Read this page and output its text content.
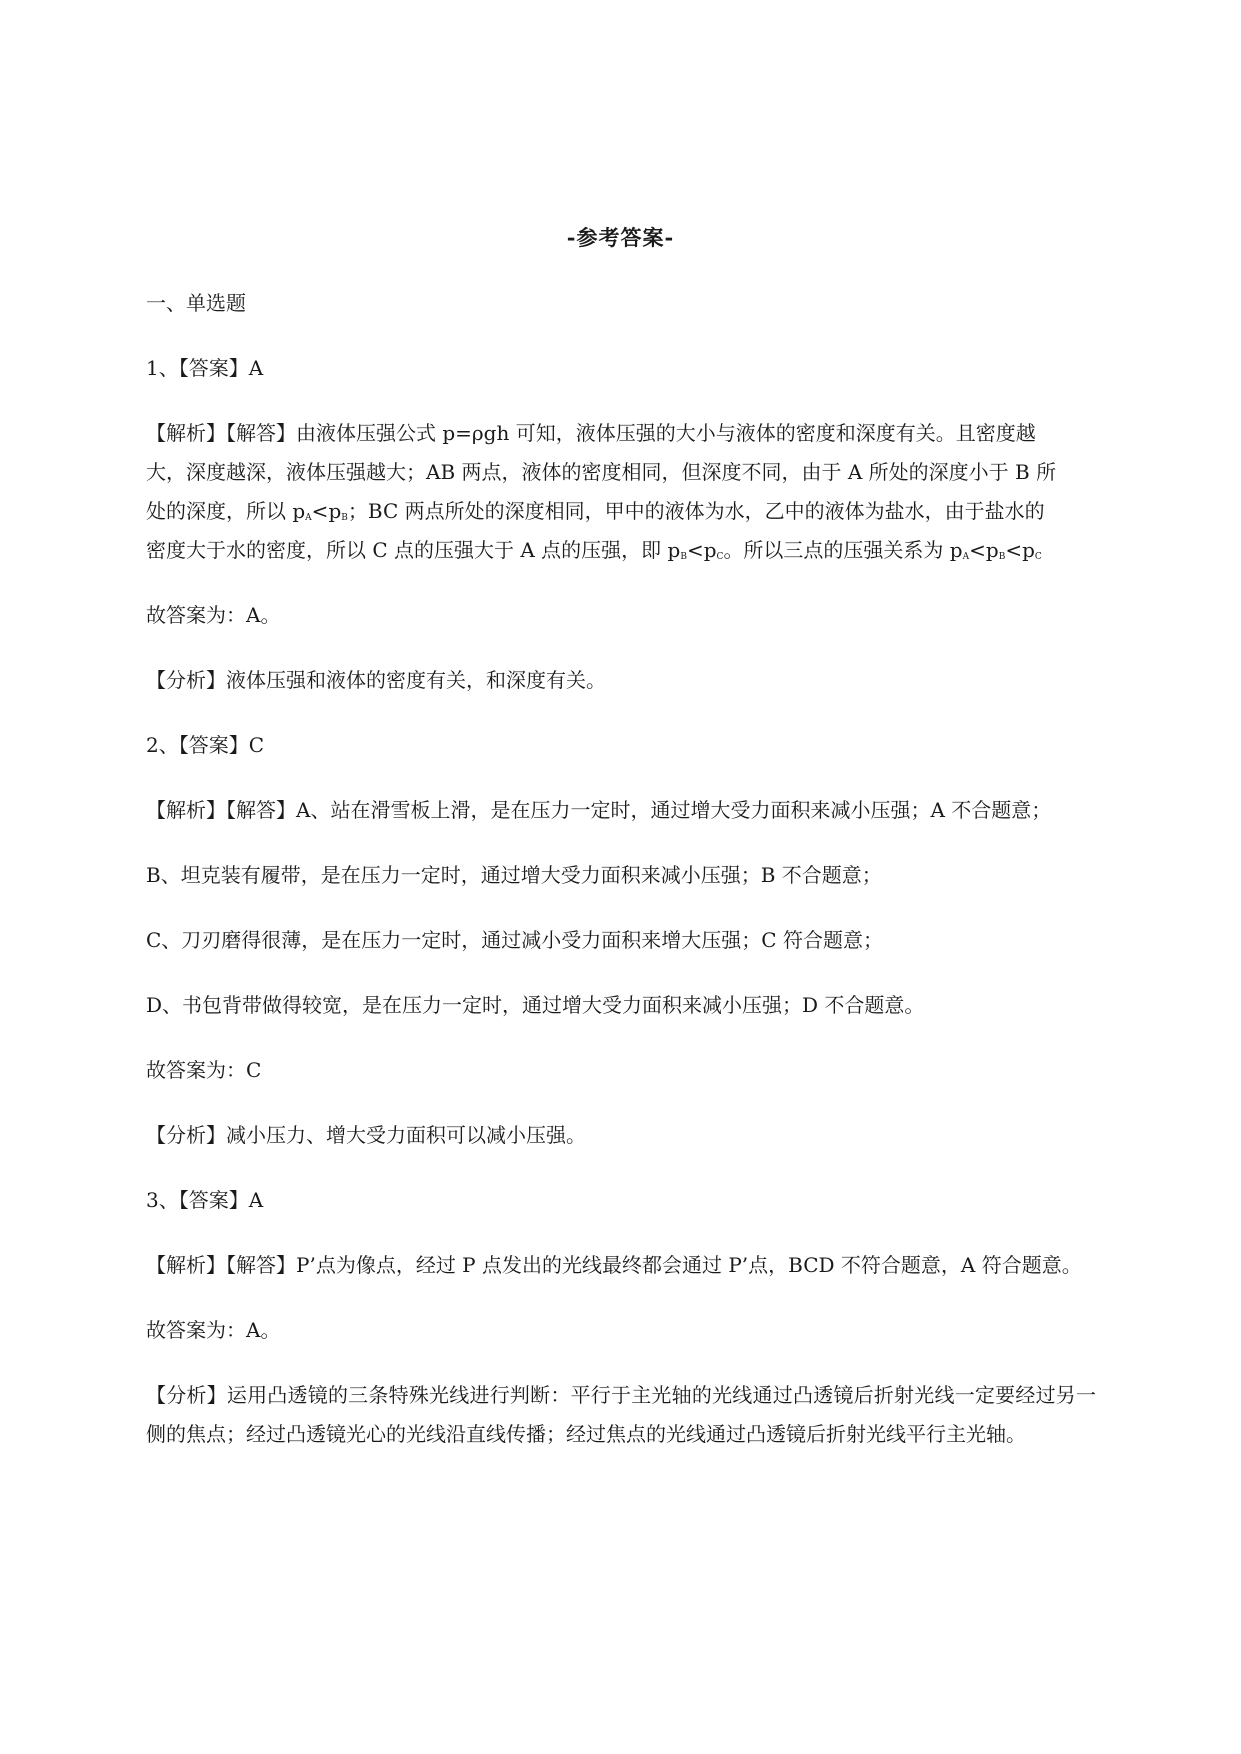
-参考答案-
一、单选题
1、【答案】A
【解析】【解答】由液体压强公式 p=ρgh 可知，液体压强的大小与液体的密度和深度有关。且密度越
大，深度越深，液体压强越大；AB 两点，液体的密度相同，但深度不同，由于 A 所处的深度小于 B 所
处的深度，所以 $p_A<p_B$；BC 两点所处的深度相同，甲中的液体为水，乙中的液体为盐水，由于盐水的
密度大于水的密度，所以 C 点的压强大于 A 点的压强，即 $p_B<p_C$。所以三点的压强关系为 $p_A<p_B<p_C$
故答案为：A。
【分析】液体压强和液体的密度有关，和深度有关。
2、【答案】C
【解析】【解答】A、站在滑雪板上滑，是在压力一定时，通过增大受力面积来减小压强；A 不合题意；
B、坦克装有履带，是在压力一定时，通过增大受力面积来减小压强；B 不合题意；
C、刀刃磨得很薄，是在压力一定时，通过减小受力面积来增大压强；C 符合题意；
D、书包背带做得较宽，是在压力一定时，通过增大受力面积来减小压强；D 不合题意。
故答案为：C
【分析】减小压力、增大受力面积可以减小压强。
3、【答案】A
【解析】【解答】P’点为像点，经过 P 点发出的光线最终都会通过 P’点，BCD 不符合题意，A 符合题意。
故答案为：A。
【分析】运用凸透镜的三条特殊光线进行判断：平行于主光轴的光线通过凸透镜后折射光线一定要经过另一侧的焦点；经过凸透镜光心的光线沿直线传播；经过焦点的光线通过凸透镜后折射光线平行主光轴。
